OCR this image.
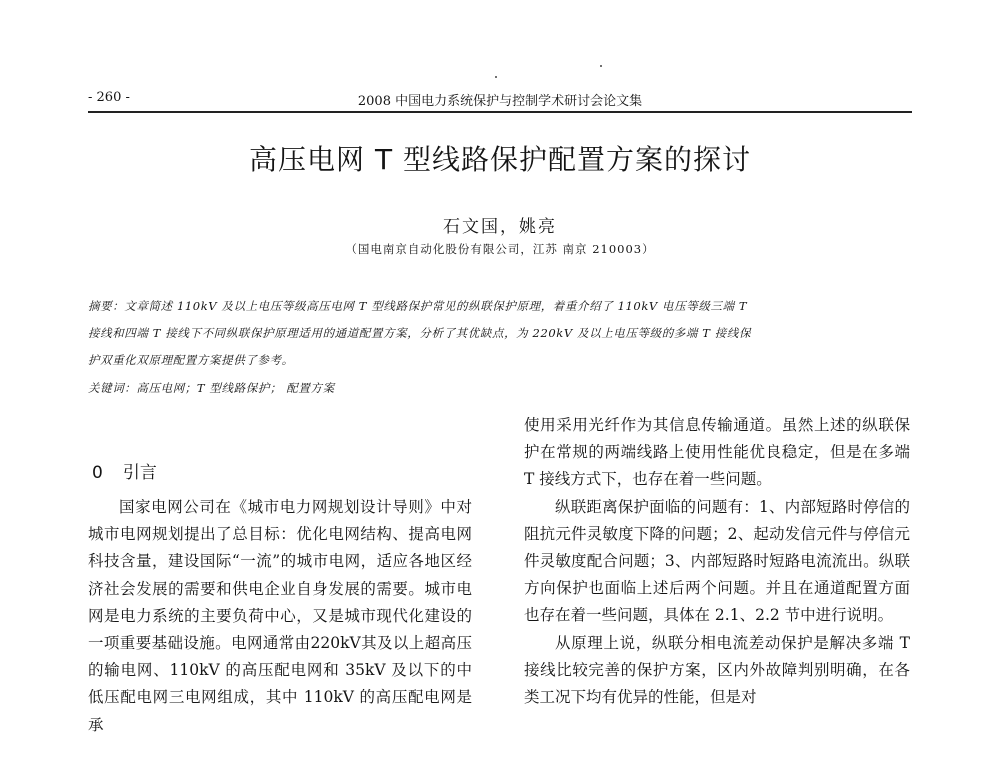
- 260 -	2008 中国电力系统保护与控制学术研讨会论文集
高压电网 T 型线路保护配置方案的探讨
石文国，姚亮
（国电南京自动化股份有限公司，江苏 南京 210003）
摘要：文章简述 110kV 及以上电压等级高压电网 T 型线路保护常见的纵联保护原理，着重介绍了 110kV 电压等级三端 T
接线和四端 T 接线下不同纵联保护原理适用的通道配置方案，分析了其优缺点，为 220kV 及以上电压等级的多端 T 接线保
护双重化双原理配置方案提供了参考。
关键词：高压电网；T 型线路保护； 配置方案
0 引言

国家电网公司在《城市电力网规划设计导则》中对城市电网规划提出了总目标：优化电网结构、提高电网科技含量，建设国际“一流”的城市电网，适应各地区经济社会发展的需要和供电企业自身发展的需要。城市电网是电力系统的主要负荷中心，又是城市现代化建设的一项重要基础设施。电网通常由220kV其及以上超高压的输电网、110kV 的高压配电网和 35kV 及以下的中低压配电网三电网组成，其中 110kV 的高压配电网是承

使用采用光纤作为其信息传输通道。虽然上述的纵联保护在常规的两端线路上使用性能优良稳定，但是在多端 T 接线方式下，也存在着一些问题。

纵联距离保护面临的问题有：1、内部短路时停信的阻抗元件灵敏度下降的问题；2、起动发信元件与停信元件灵敏度配合问题；3、内部短路时短路电流流出。纵联方向保护也面临上述后两个问题。并且在通道配置方面也存在着一些问题，具体在 2.1、2.2 节中进行说明。

从原理上说，纵联分相电流差动保护是解决多端 T 接线比较完善的保护方案，区内外故障判别明确，在各类工况下均有优异的性能，但是对
